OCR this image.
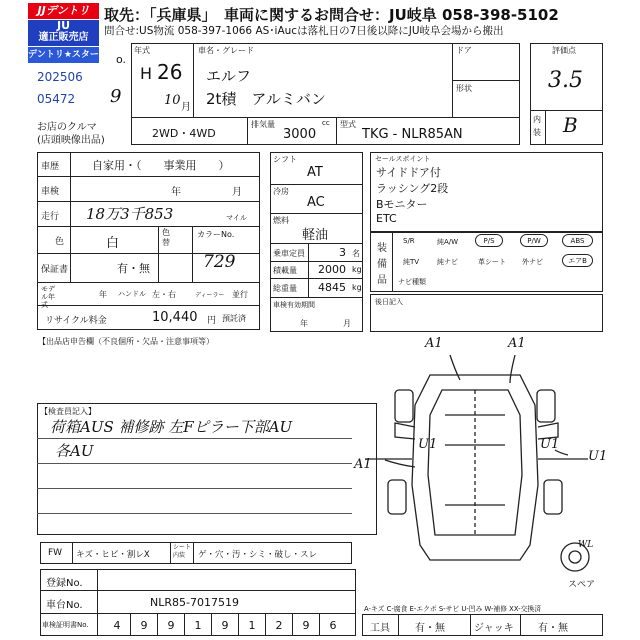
JJデントリ
JU
適正販売店
デントリ★スター
取先：「兵庫県」　車両に関するお問合せ：JU岐阜 058-398-5102
問合せ:US物流 058-397-1066 AS･iAucは落札日の7日後以降にJU岐阜会場から搬出
o.
202506
05472 9
お店のクルマ
(店頭映像出品)
年式
H 26
10 月
車名・グレード
エルフ
2t積　アルミバン
ドア
形状
2WD・4WD
排気量
3000
cc 型式
TKG - NLR85AN
評価点
3.5
内
装 B
車歴	自家用・（　　事業用　　）
車検	年	月
走行 18万3千853	マイル
色	白
色替
カラーNo.
729
保証書	有・無
モデル年式
年 ハンドル 左・右	ディーラー 並行
リサイクル料金	10,440 円 預託済
【出品店申告欄（不良個所・欠品・注意事項等）
シフト
AT
冷房
AC
燃料
軽油
乗車定員	3 名
積載量 2000 kg
総重量 4845 kg
車検有効期間
年	月
セールスポイント
サイドドア付
ラッシング2段
Bモニター
ETC
装
備
品
S/R	純A/W	P/S	P/W	ABS
純TV	純ナビ	革シート 外ナビ	エアB
ナビ種類
後日記入
【検査員記入】
荷箱AUS 補修跡 左Fピラー下部AU
各AU
A1	A1
A1
U1	U1
U1
WL
スペア
FW キズ・ヒビ・割レX
シート内装	ゲ・穴・汚・シミ・破し・スレ
登録No.
車台No.	NLR85-7017519
車検証明書No.	4	9	9	1	9	1	2	9	6
A-キズ C-腐食 E-エクボ S-サビ U-凹み W-補修 XX-交換済
工具	有・無	ジャッキ 有・無
